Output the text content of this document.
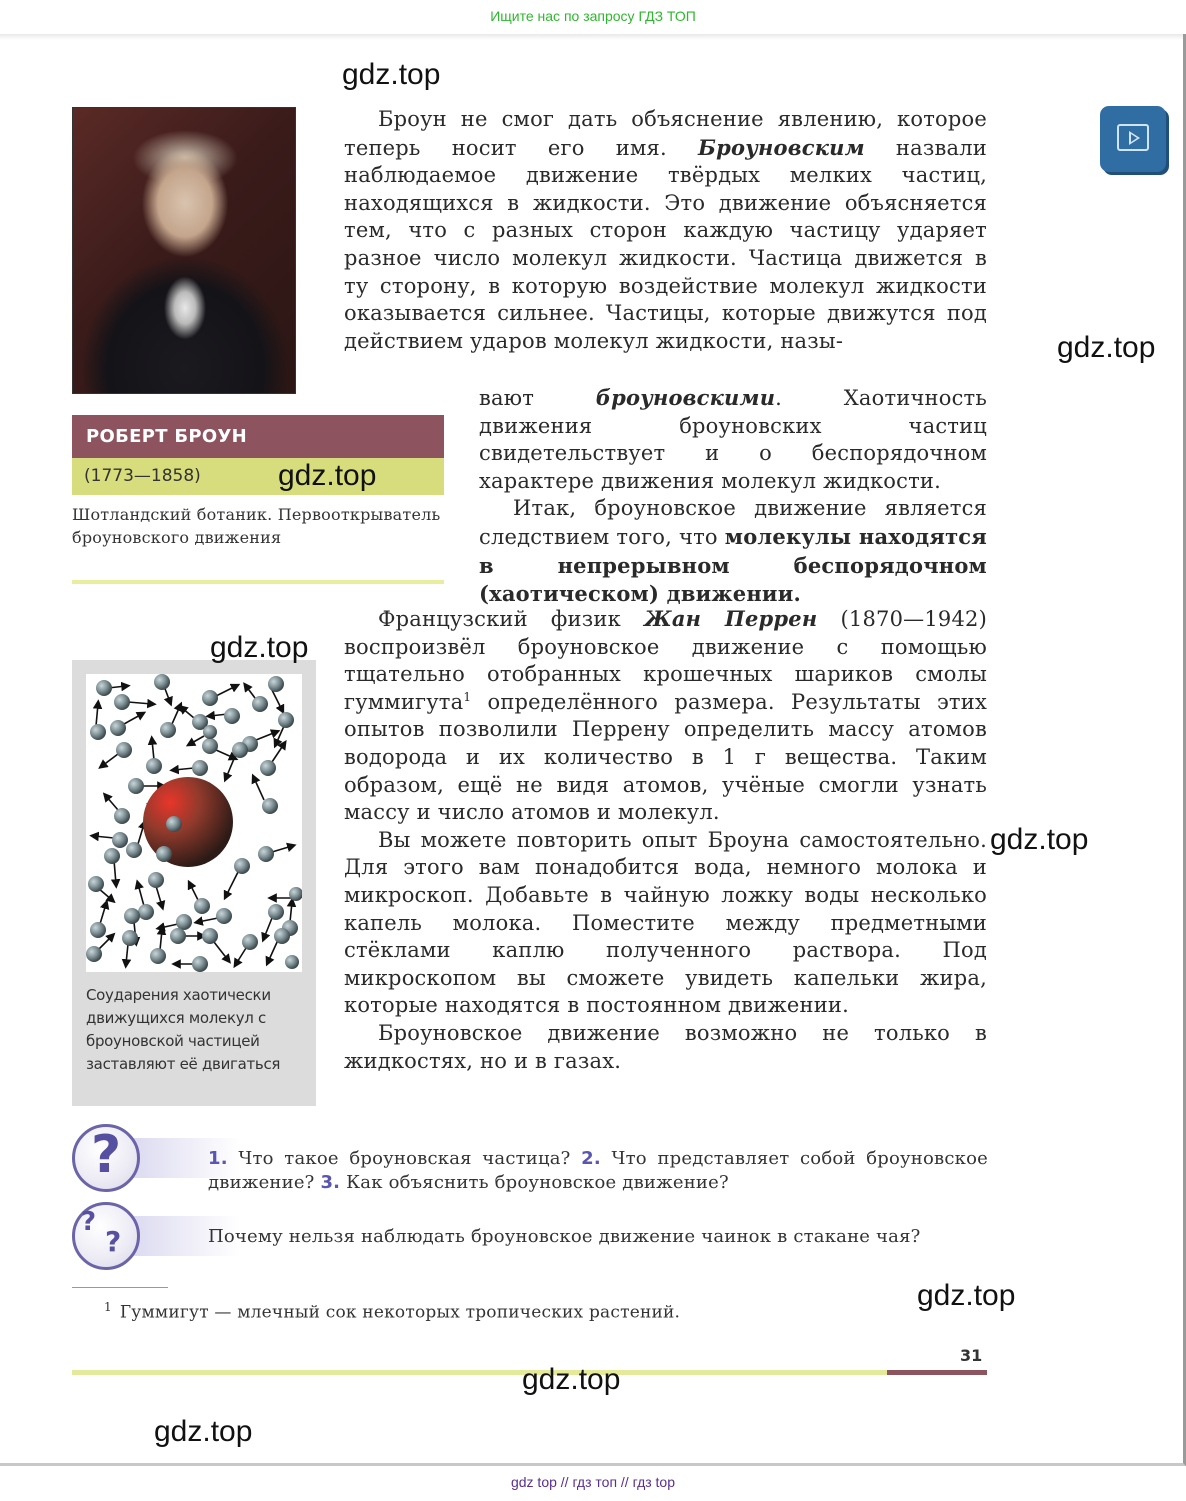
Ищите нас по запросу ГДЗ ТОП
РОБЕРТ БРОУН
(1773—1858)
Шотландский ботаник. Первооткрыватель броуновского движения
Соударения хаотически движущихся молекул с броуновской частицей заставляют её двигаться

Броун не смог дать объяснение явлению, которое теперь носит его имя. Броуновским назвали наблюдаемое движение твёрдых мелких частиц, находящихся в жидкости. Это движение объясняется тем, что с разных сторон каждую частицу ударяет разное число молекул жидкости. Частица движется в ту сторону, в которую воздействие молекул жидкости оказывается сильнее. Частицы, которые движутся под действием ударов молекул жидкости, назы-

вают броуновскими. Хаотичность движения броуновских частиц свидетельствует и о беспорядочном характере движения молекул жидкости.

Итак, броуновское движение является следствием того, что молекулы находятся в непрерывном беспорядочном (хаотическом) движении.

Французский физик Жан Перрен (1870—1942) воспроизвёл броуновское движение с помощью тщательно отобранных крошечных шариков смолы гуммигута$^1$ определённого размера. Результаты этих опытов позволили Перрену определить массу атомов водорода и их количество в 1 г вещества. Таким образом, ещё не видя атомов, учёные смогли узнать массу и число атомов и молекул.

Вы можете повторить опыт Броуна самостоятельно. Для этого вам понадобится вода, немного молока и микроскоп. Добавьте в чайную ложку воды несколько капель молока. Поместите между предметными стёклами каплю полученного раствора. Под микроскопом вы сможете увидеть капельки жира, которые находятся в постоянном движении.

Броуновское движение возможно не только в жидкостях, но и в газах.

?	1. Что такое броуновская частица? 2. Что представляет собой броуновское движение? 3. Как объяснить броуновское движение?
?
?	Почему нельзя наблюдать броуновское движение чаинок в стакане чая?
$^1$ Гуммигут — млечный сок некоторых тропических растений.
31
gdz.top
gdz.top
gdz.top
gdz.top
gdz.top
gdz.top
gdz.top
gdz.top
gdz top // гдз топ // гдз top
